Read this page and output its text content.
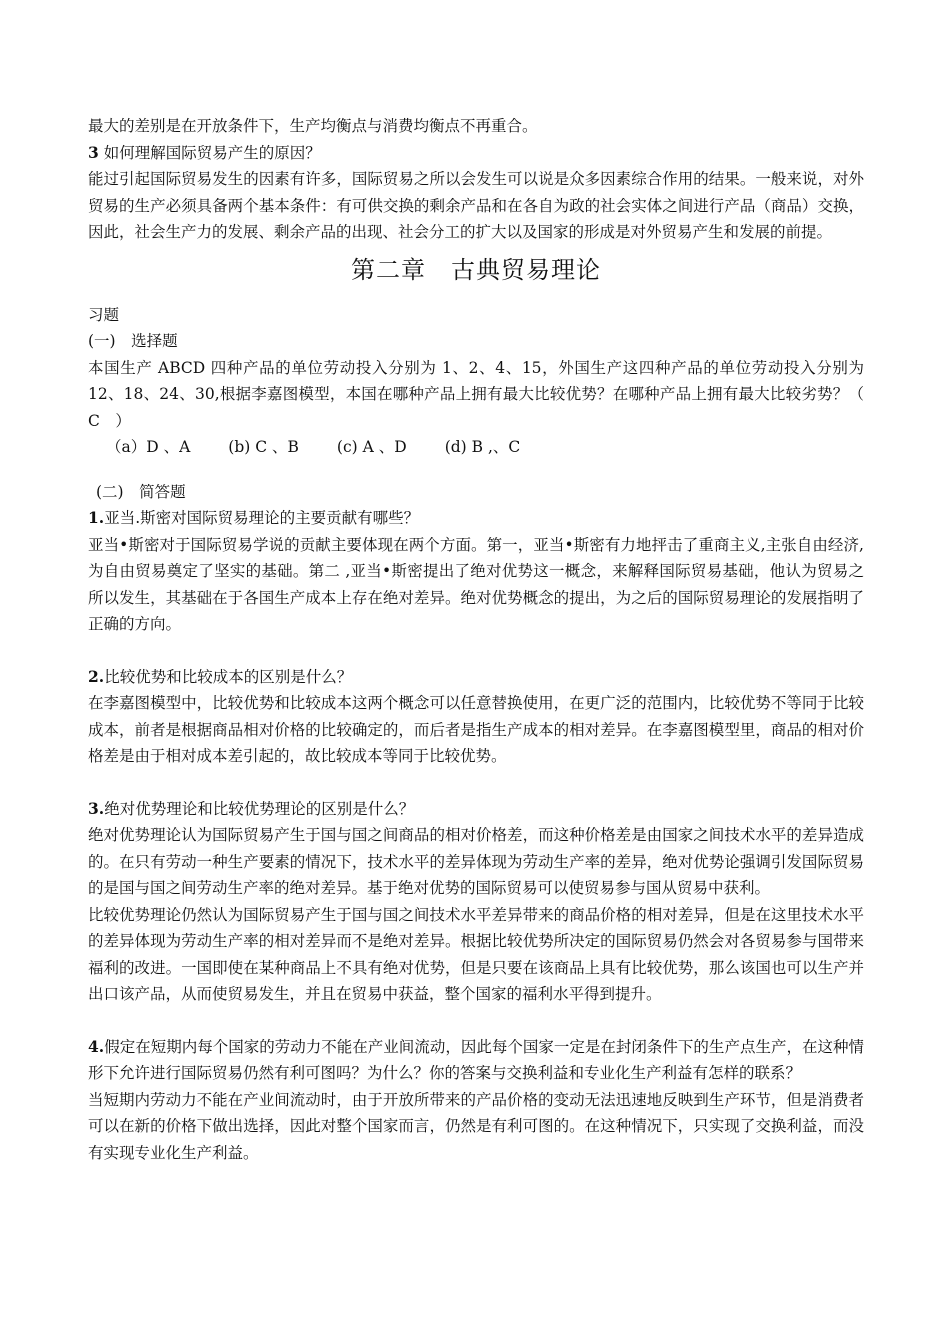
最大的差别是在开放条件下，生产均衡点与消费均衡点不再重合。

3 如何理解国际贸易产生的原因？

能过引起国际贸易发生的因素有许多，国际贸易之所以会发生可以说是众多因素综合作用的结果。一般来说，对外贸易的生产必须具备两个基本条件：有可供交换的剩余产品和在各自为政的社会实体之间进行产品（商品）交换，因此，社会生产力的发展、剩余产品的出现、社会分工的扩大以及国家的形成是对外贸易产生和发展的前提。

第二章　古典贸易理论

习题

(一)　选择题

本国生产 ABCD 四种产品的单位劳动投入分别为 1、2、4、15，外国生产这四种产品的单位劳动投入分别为 12、18、24、30,根据李嘉图模型，本国在哪种产品上拥有最大比较优势？在哪种产品上拥有最大比较劣势？（　C　）

（a）D 、A (b) C 、B (c) A 、D (d) B ,、C

(二)　简答题

1.亚当.斯密对国际贸易理论的主要贡献有哪些？

亚当•斯密对于国际贸易学说的贡献主要体现在两个方面。第一，亚当•斯密有力地抨击了重商主义,主张自由经济,为自由贸易奠定了坚实的基础。第二 ,亚当•斯密提出了绝对优势这一概念，来解释国际贸易基础，他认为贸易之所以发生，其基础在于各国生产成本上存在绝对差异。绝对优势概念的提出，为之后的国际贸易理论的发展指明了正确的方向。

2.比较优势和比较成本的区别是什么？

在李嘉图模型中，比较优势和比较成本这两个概念可以任意替换使用，在更广泛的范围内，比较优势不等同于比较成本，前者是根据商品相对价格的比较确定的，而后者是指生产成本的相对差异。在李嘉图模型里，商品的相对价格差是由于相对成本差引起的，故比较成本等同于比较优势。

3.绝对优势理论和比较优势理论的区别是什么？

绝对优势理论认为国际贸易产生于国与国之间商品的相对价格差，而这种价格差是由国家之间技术水平的差异造成的。在只有劳动一种生产要素的情况下，技术水平的差异体现为劳动生产率的差异，绝对优势论强调引发国际贸易的是国与国之间劳动生产率的绝对差异。基于绝对优势的国际贸易可以使贸易参与国从贸易中获利。

比较优势理论仍然认为国际贸易产生于国与国之间技术水平差异带来的商品价格的相对差异，但是在这里技术水平的差异体现为劳动生产率的相对差异而不是绝对差异。根据比较优势所决定的国际贸易仍然会对各贸易参与国带来福利的改进。一国即使在某种商品上不具有绝对优势，但是只要在该商品上具有比较优势，那么该国也可以生产并出口该产品，从而使贸易发生，并且在贸易中获益，整个国家的福利水平得到提升。

4.假定在短期内每个国家的劳动力不能在产业间流动，因此每个国家一定是在封闭条件下的生产点生产，在这种情形下允许进行国际贸易仍然有利可图吗？为什么？你的答案与交换利益和专业化生产利益有怎样的联系？

当短期内劳动力不能在产业间流动时，由于开放所带来的产品价格的变动无法迅速地反映到生产环节，但是消费者可以在新的价格下做出选择，因此对整个国家而言，仍然是有利可图的。在这种情况下，只实现了交换利益，而没有实现专业化生产利益。
